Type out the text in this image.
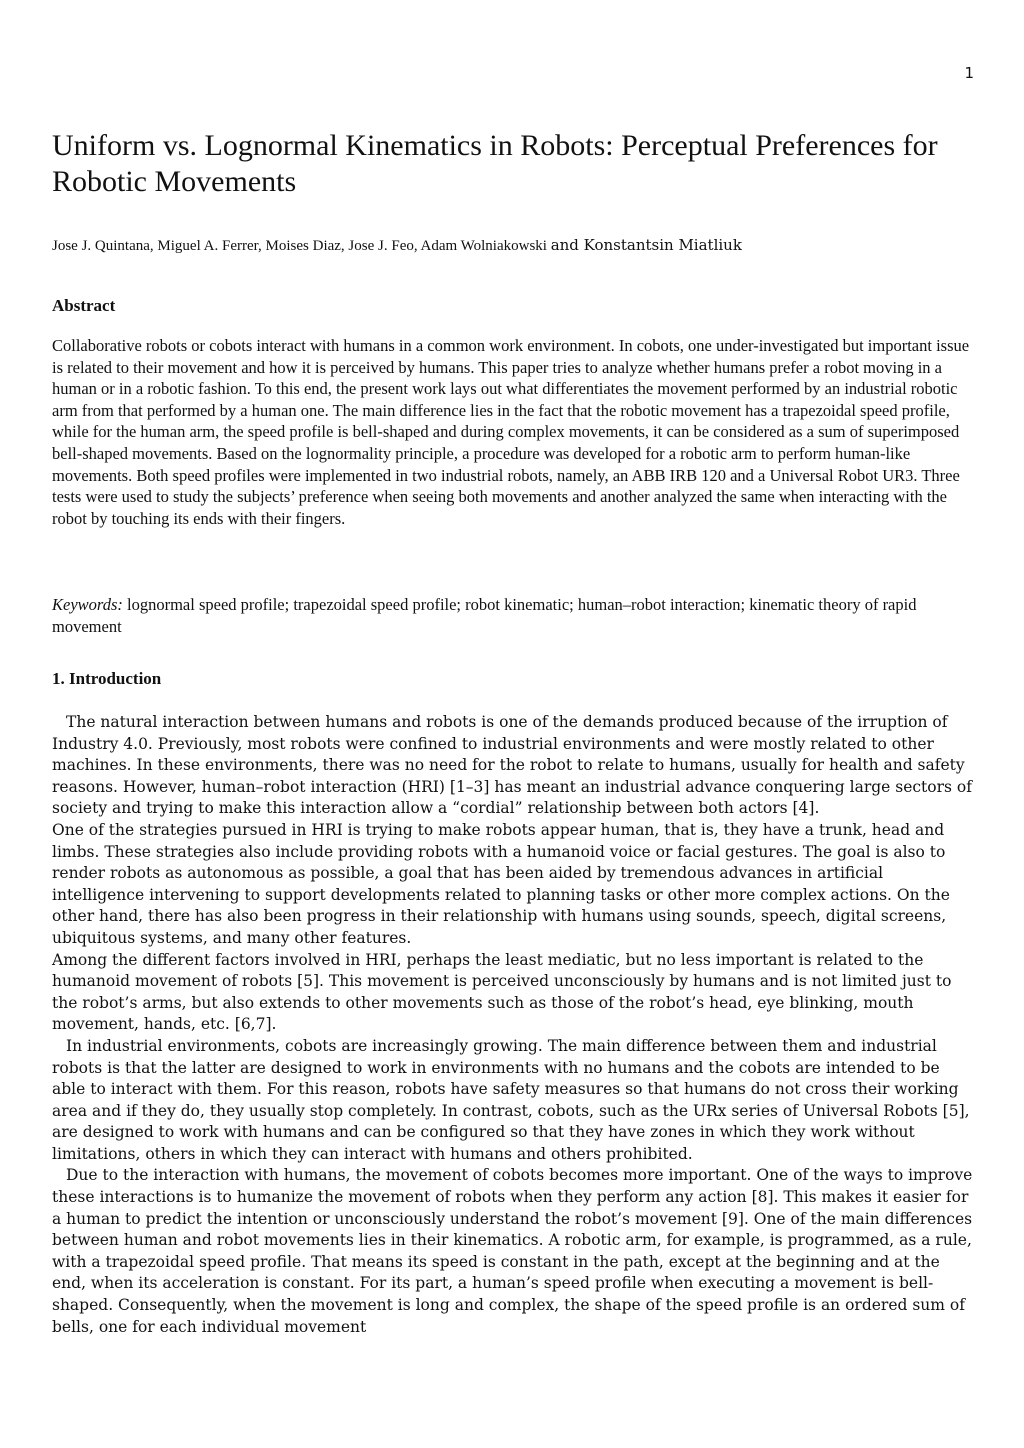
1
Uniform vs. Lognormal Kinematics in Robots: Perceptual Preferences for Robotic Movements
Jose J. Quintana, Miguel A. Ferrer, Moises Diaz, Jose J. Feo, Adam Wolniakowski and Konstantsin Miatliuk
Abstract

Collaborative robots or cobots interact with humans in a common work environment. In cobots, one under-investigated but important issue is related to their movement and how it is perceived by humans. This paper tries to analyze whether humans prefer a robot moving in a human or in a robotic fashion. To this end, the present work lays out what differentiates the movement performed by an industrial robotic arm from that performed by a human one. The main difference lies in the fact that the robotic movement has a trapezoidal speed profile, while for the human arm, the speed profile is bell-shaped and during complex movements, it can be considered as a sum of superimposed bell-shaped movements. Based on the lognormality principle, a procedure was developed for a robotic arm to perform human-like movements. Both speed profiles were implemented in two industrial robots, namely, an ABB IRB 120 and a Universal Robot UR3. Three tests were used to study the subjects’ preference when seeing both movements and another analyzed the same when interacting with the robot by touching its ends with their fingers.

Keywords: lognormal speed profile; trapezoidal speed profile; robot kinematic; human–robot interaction; kinematic theory of rapid movement

1. Introduction

The natural interaction between humans and robots is one of the demands produced because of the irruption of Industry 4.0. Previously, most robots were confined to industrial environments and were mostly related to other machines. In these environments, there was no need for the robot to relate to humans, usually for health and safety reasons. However, human–robot interaction (HRI) [1–3] has meant an industrial advance conquering large sectors of society and trying to make this interaction allow a “cordial” relationship between both actors [4].

One of the strategies pursued in HRI is trying to make robots appear human, that is, they have a trunk, head and limbs. These strategies also include providing robots with a humanoid voice or facial gestures. The goal is also to render robots as autonomous as possible, a goal that has been aided by tremendous advances in artificial intelligence intervening to support developments related to planning tasks or other more complex actions. On the other hand, there has also been progress in their relationship with humans using sounds, speech, digital screens, ubiquitous systems, and many other features.

Among the different factors involved in HRI, perhaps the least mediatic, but no less important is related to the humanoid movement of robots [5]. This movement is perceived unconsciously by humans and is not limited just to the robot’s arms, but also extends to other movements such as those of the robot’s head, eye blinking, mouth movement, hands, etc. [6,7].

In industrial environments, cobots are increasingly growing. The main difference between them and industrial robots is that the latter are designed to work in environments with no humans and the cobots are intended to be able to interact with them. For this reason, robots have safety measures so that humans do not cross their working area and if they do, they usually stop completely. In contrast, cobots, such as the URx series of Universal Robots [5], are designed to work with humans and can be configured so that they have zones in which they work without limitations, others in which they can interact with humans and others prohibited.

Due to the interaction with humans, the movement of cobots becomes more important. One of the ways to improve these interactions is to humanize the movement of robots when they perform any action [8]. This makes it easier for a human to predict the intention or unconsciously understand the robot’s movement [9]. One of the main differences between human and robot movements lies in their kinematics. A robotic arm, for example, is programmed, as a rule, with a trapezoidal speed profile. That means its speed is constant in the path, except at the beginning and at the end, when its acceleration is constant. For its part, a human’s speed profile when executing a movement is bell-shaped. Consequently, when the movement is long and complex, the shape of the speed profile is an ordered sum of bells, one for each individual movement
